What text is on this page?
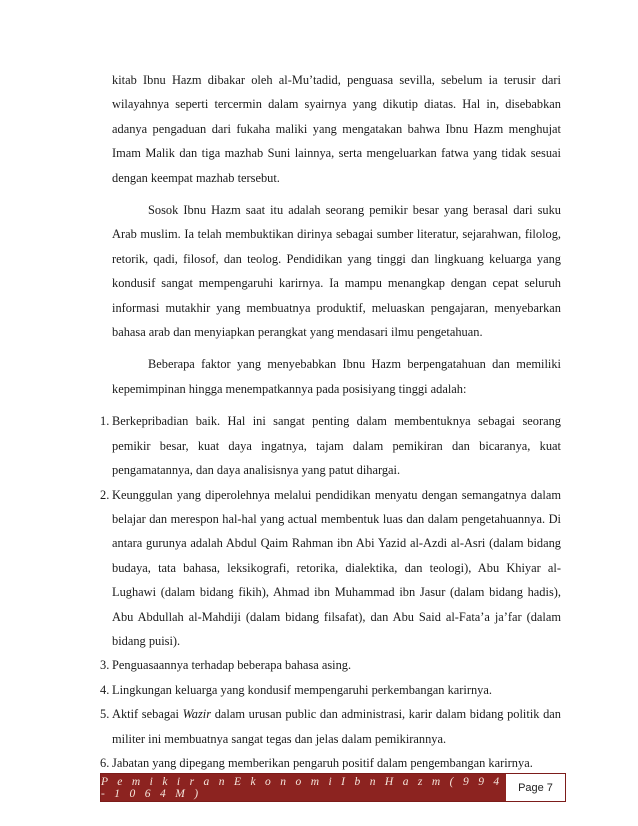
kitab Ibnu Hazm dibakar oleh al-Mu’tadid, penguasa sevilla, sebelum ia terusir dari wilayahnya seperti tercermin dalam syairnya yang dikutip diatas. Hal in, disebabkan adanya pengaduan dari fukaha maliki yang mengatakan bahwa Ibnu Hazm menghujat Imam Malik dan tiga mazhab Suni lainnya, serta mengeluarkan fatwa yang tidak sesuai dengan keempat mazhab tersebut.

Sosok Ibnu Hazm saat itu adalah seorang pemikir besar yang berasal dari suku Arab muslim. Ia telah membuktikan dirinya sebagai sumber literatur, sejarahwan, filolog, retorik, qadi, filosof, dan teolog. Pendidikan yang tinggi dan lingkuang keluarga yang kondusif sangat mempengaruhi karirnya. Ia mampu menangkap dengan cepat seluruh informasi mutakhir yang membuatnya produktif, meluaskan pengajaran, menyebarkan bahasa arab dan menyiapkan perangkat yang mendasari ilmu pengetahuan.

Beberapa faktor yang menyebabkan Ibnu Hazm berpengatahuan dan memiliki kepemimpinan hingga menempatkannya pada posisiyang tinggi adalah:

1. Berkepribadian baik. Hal ini sangat penting dalam membentuknya sebagai seorang pemikir besar, kuat daya ingatnya, tajam dalam pemikiran dan bicaranya, kuat pengamatannya, dan daya analisisnya yang patut dihargai.
2. Keunggulan yang diperolehnya melalui pendidikan menyatu dengan semangatnya dalam belajar dan merespon hal-hal yang actual membentuk luas dan dalam pengetahuannya. Di antara gurunya adalah Abdul Qaim Rahman ibn Abi Yazid al-Azdi al-Asri (dalam bidang budaya, tata bahasa, leksikografi, retorika, dialektika, dan teologi), Abu Khiyar al-Lughawi (dalam bidang fikih), Ahmad ibn Muhammad ibn Jasur (dalam bidang hadis), Abu Abdullah al-Mahdiji (dalam bidang filsafat), dan Abu Said al-Fata’a ja’far (dalam bidang puisi).
3. Penguasaannya terhadap beberapa bahasa asing.
4. Lingkungan keluarga yang kondusif mempengaruhi perkembangan karirnya.
5. Aktif sebagai Wazir dalam urusan public dan administrasi, karir dalam bidang politik dan militer ini membuatnya sangat tegas dan jelas dalam pemikirannya.
6. Jabatan yang dipegang memberikan pengaruh positif dalam pengembangan karirnya.
P e m i k i r a n E k o n o m i I b n H a z m ( 9 9 4 - 1 0 6 4 M )	Page 7
